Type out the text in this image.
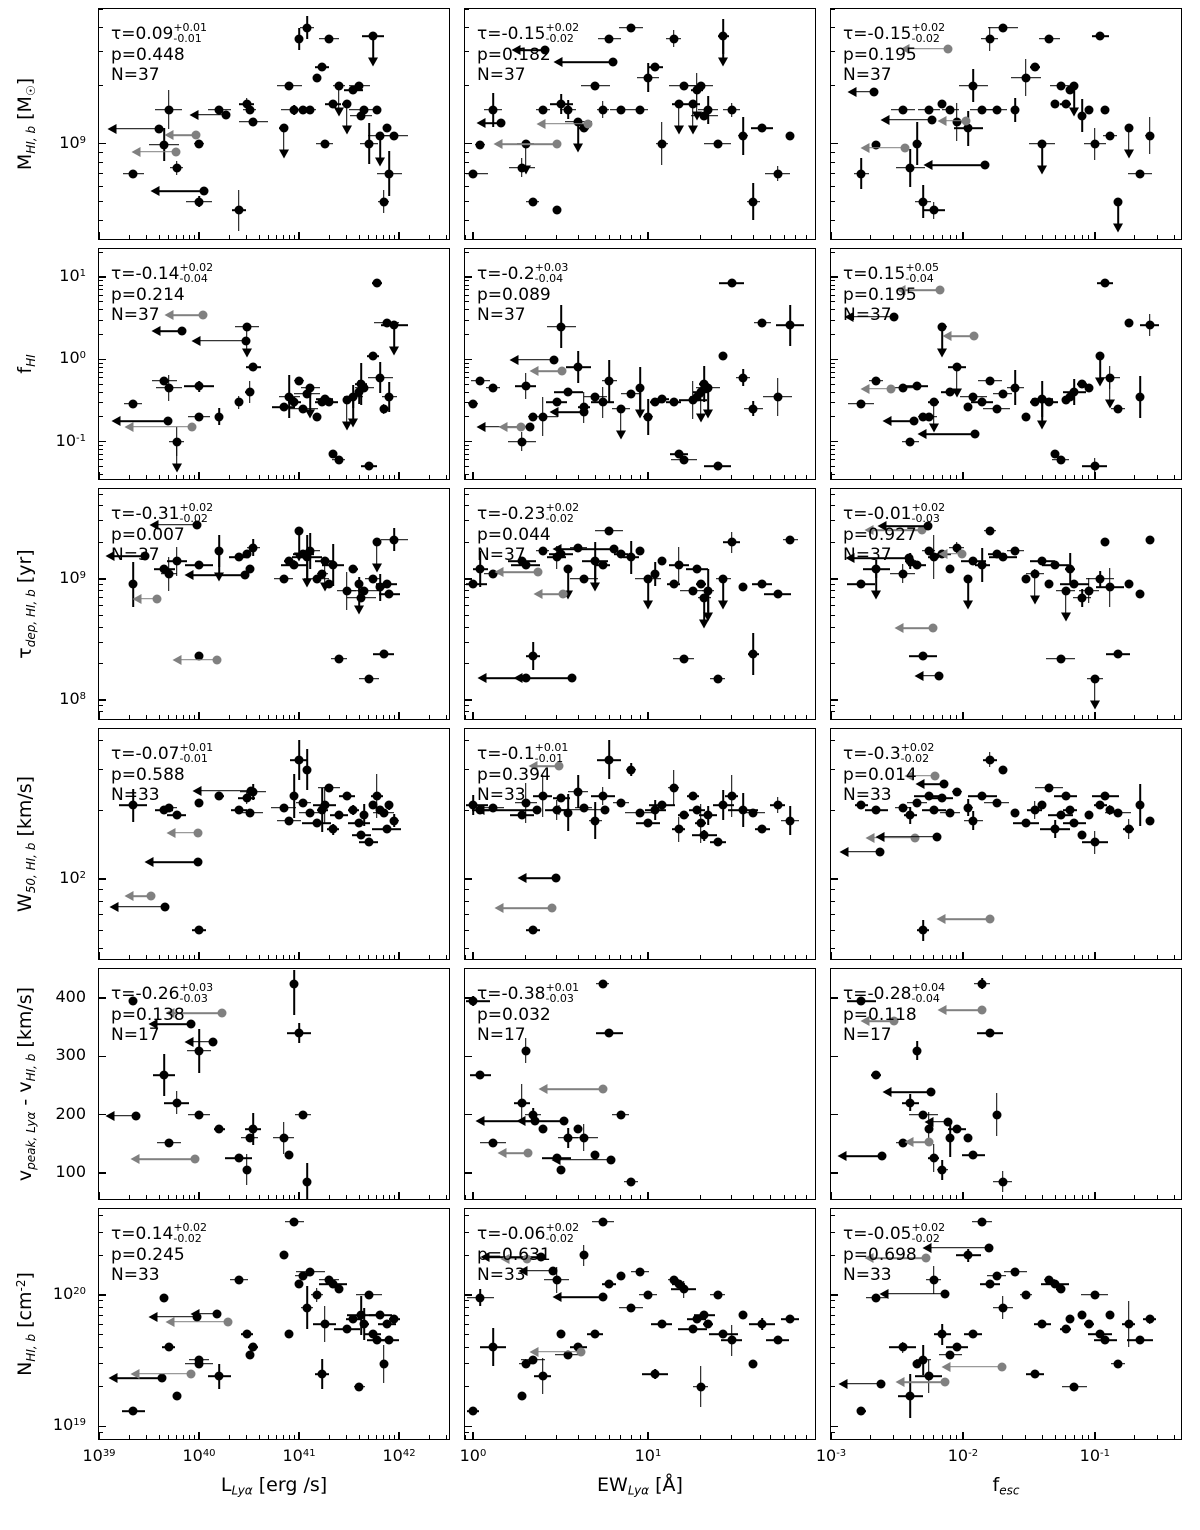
τ=0.09 +0.01
-0.01
p=0.448
N=37
$10^9$
τ=-0.15 +0.02
-0.02
p=0.182
N=37
τ=-0.15 +0.02
-0.02
p=0.195
N=37
$M_{HI, b}$ $[M_☉]$
τ=-0.14 +0.02
-0.04
p=0.214
N=37
$10^{-1}$
$10^0$
$10^1$	τ=-0.2 +0.03
-0.04
p=0.089
N=37
τ=0.15 +0.05
-0.04
p=0.195
N=37
$f_{HI}$
τ=-0.31 +0.02
-0.02
p=0.007
N=37
$10^8$
$10^9$
τ=-0.23 +0.02
-0.02
p=0.044
N=37
τ=-0.01 +0.02
-0.03
p=0.927
N=37
$\tau_{dep, HI, b}$ [yr]
τ=-0.07 +0.01
-0.01
p=0.588
N=33
$10^2$
τ=-0.1 +0.01
-0.01
p=0.394
N=33
τ=-0.3 +0.02
-0.02
p=0.014
N=33
$W_{50, HI, b}$ [km/s]
τ=-0.26 +0.03
-0.03
p=0.138
N=17
100
200
300
400	τ=-0.38 +0.01
-0.03
p=0.032
N=17
τ=-0.28 +0.04
-0.04
p=0.118
N=17
$v_{peak, Ly\alpha} - v_{HI, b}$ [km/s]
τ=0.14 +0.02
-0.02
p=0.245
N=33
$10^{19}$
$10^{20}$
$10^{39}$	$10^{40}$	$10^{41}$	$10^{42}$
τ=-0.06 +0.02
-0.02
p=0.631
N=33
$10^0$	$10^1$
τ=-0.05 +0.02
-0.02
p=0.698
N=33
$10^{-3}$	$10^{-2}$	$10^{-1}$
$N_{HI, b}$ $[cm^{-2}]$
$L_{Ly\alpha}$ [erg /s]	$EW_{Ly\alpha}$ [Å]	$f_{esc}$
